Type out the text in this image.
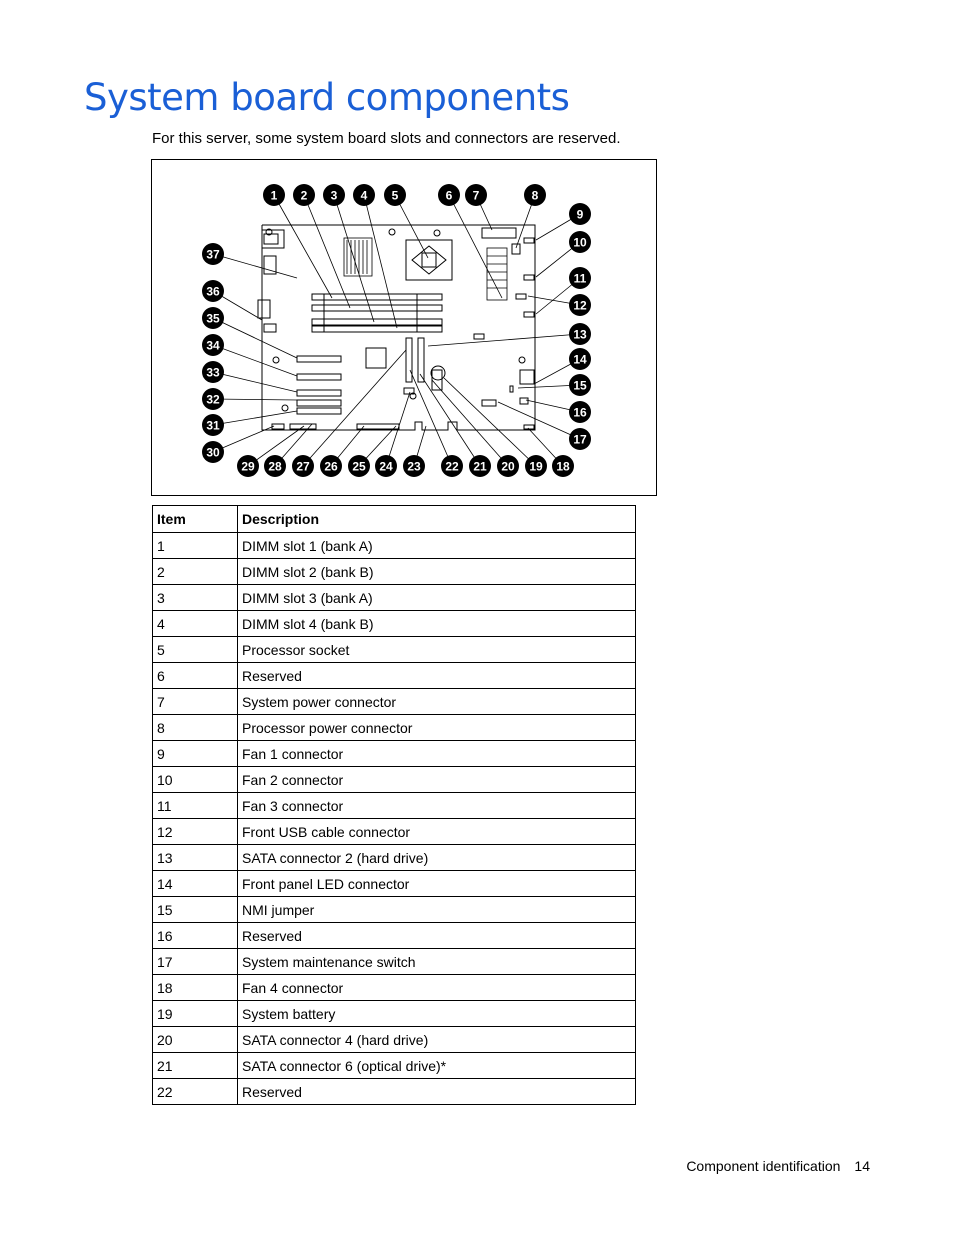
System board components

For this server, some system board slots and connectors are reserved.

1 2 3 4 5	6 7	8
9
10
11
12
13
14
15
16
17
18
19
20
21
22
23
24
25
26
27
28
29
30
31
32
33
34
35
36
37
Item	Description
1	DIMM slot 1 (bank A)
2	DIMM slot 2 (bank B)
3	DIMM slot 3 (bank A)
4	DIMM slot 4 (bank B)
5	Processor socket
6	Reserved
7	System power connector
8	Processor power connector
9	Fan 1 connector
10	Fan 2 connector
11	Fan 3 connector
12	Front USB cable connector
13	SATA connector 2 (hard drive)
14	Front panel LED connector
15	NMI jumper
16	Reserved
17	System maintenance switch
18	Fan 4 connector
19	System battery
20	SATA connector 4 (hard drive)
21	SATA connector 6 (optical drive)*
22	Reserved
Component identification 14
